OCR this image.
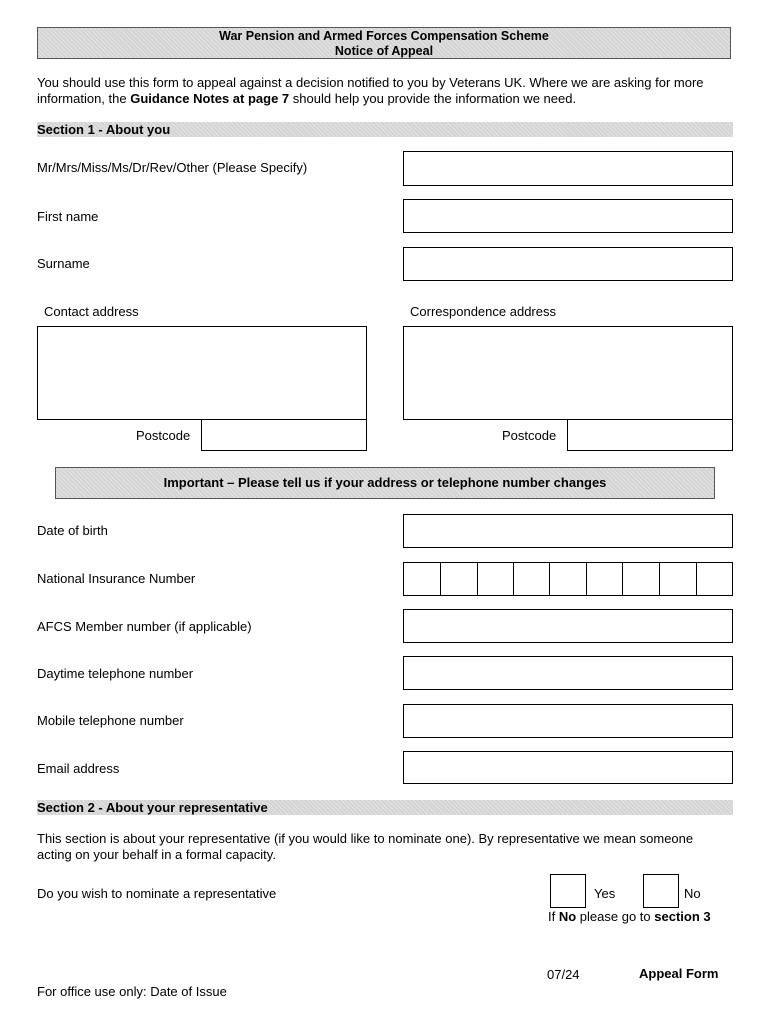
War Pension and Armed Forces Compensation Scheme
Notice of Appeal
You should use this form to appeal against a decision notified to you by Veterans UK. Where we are asking for more information, the Guidance Notes at page 7 should help you provide the information we need.
Section 1 - About you
Mr/Mrs/Miss/Ms/Dr/Rev/Other (Please Specify)
First name
Surname
Contact address	Correspondence address
Postcode	Postcode
Important – Please tell us if your address or telephone number changes
Date of birth
National Insurance Number
AFCS Member number (if applicable)
Daytime telephone number
Mobile telephone number
Email address
Section 2 - About your representative
This section is about your representative (if you would like to nominate one). By representative we mean someone acting on your behalf in a formal capacity.
Do you wish to nominate a representative	Yes	No
If No please go to section 3
07/24	Appeal Form
For office use only: Date of Issue
